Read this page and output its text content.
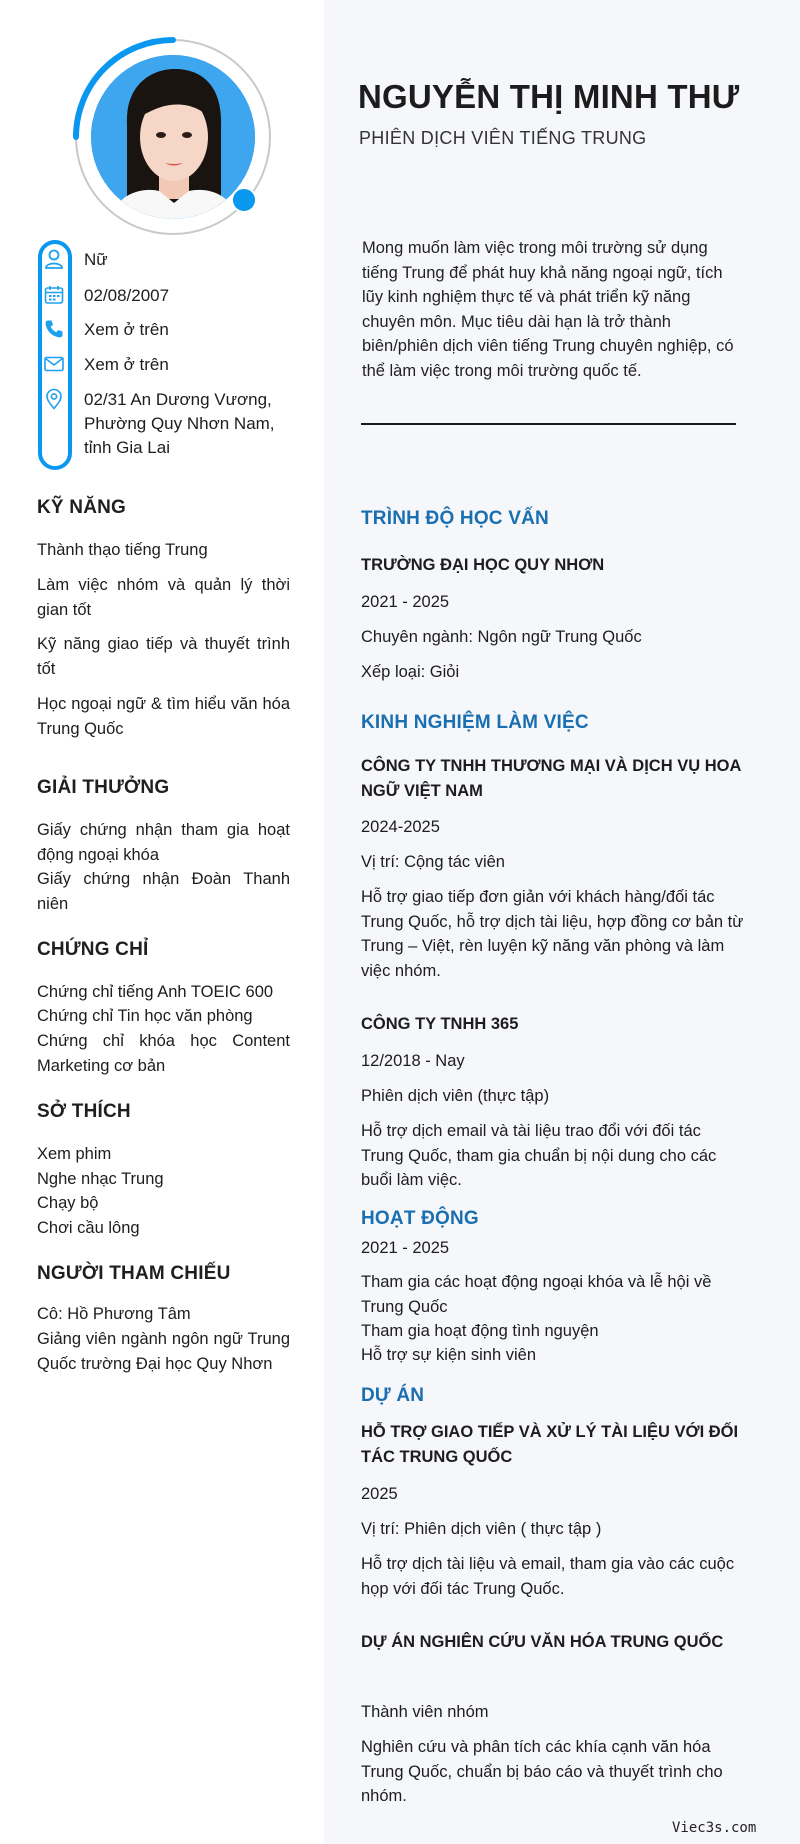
NGUYỄN THỊ MINH THƯ
PHIÊN DỊCH VIÊN TIẾNG TRUNG
Mong muốn làm việc trong môi trường sử dụng tiếng Trung để phát huy khả năng ngoại ngữ, tích lũy kinh nghiệm thực tế và phát triển kỹ năng chuyên môn. Mục tiêu dài hạn là trở thành biên/phiên dịch viên tiếng Trung chuyên nghiệp, có thể làm việc trong môi trường quốc tế.
Nữ
02/08/2007
Xem ở trên
Xem ở trên
02/31 An Dương Vương, Phường Quy Nhơn Nam, tỉnh Gia Lai
KỸ NĂNG
Thành thạo tiếng Trung
Làm việc nhóm và quản lý thời gian tốt
Kỹ năng giao tiếp và thuyết trình tốt
Học ngoại ngữ & tìm hiểu văn hóa Trung Quốc
GIẢI THƯỞNG
Giấy chứng nhận tham gia hoạt động ngoại khóa
Giấy chứng nhận Đoàn Thanh niên
CHỨNG CHỈ
Chứng chỉ tiếng Anh TOEIC 600
Chứng chỉ Tin học văn phòng
Chứng chỉ khóa học Content Marketing cơ bản
SỞ THÍCH
Xem phim
Nghe nhạc Trung
Chạy bộ
Chơi cầu lông
NGƯỜI THAM CHIẾU
Cô: Hồ Phương Tâm
Giảng viên ngành ngôn ngữ Trung Quốc trường Đại học Quy Nhơn
TRÌNH ĐỘ HỌC VẤN
TRƯỜNG ĐẠI HỌC QUY NHƠN
2021 - 2025
Chuyên ngành: Ngôn ngữ Trung Quốc
Xếp loại: Giỏi
KINH NGHIỆM LÀM VIỆC
CÔNG TY TNHH THƯƠNG MẠI VÀ DỊCH VỤ HOA NGỮ VIỆT NAM
2024-2025
Vị trí: Cộng tác viên
Hỗ trợ giao tiếp đơn giản với khách hàng/đối tác Trung Quốc, hỗ trợ dịch tài liệu, hợp đồng cơ bản từ Trung – Việt, rèn luyện kỹ năng văn phòng và làm việc nhóm.
CÔNG TY TNHH 365
12/2018 - Nay
Phiên dịch viên (thực tập)
Hỗ trợ dịch email và tài liệu trao đổi với đối tác Trung Quốc, tham gia chuẩn bị nội dung cho các buổi làm việc.
HOẠT ĐỘNG
2021 - 2025
Tham gia các hoạt động ngoại khóa và lễ hội về Trung Quốc
Tham gia hoạt động tình nguyện
Hỗ trợ sự kiện sinh viên
DỰ ÁN
HỖ TRỢ GIAO TIẾP VÀ XỬ LÝ TÀI LIỆU VỚI ĐỐI TÁC TRUNG QUỐC
2025
Vị trí: Phiên dịch viên ( thực tập )
Hỗ trợ dịch tài liệu và email, tham gia vào các cuộc họp với đối tác Trung Quốc.
DỰ ÁN NGHIÊN CỨU VĂN HÓA TRUNG QUỐC
Thành viên nhóm
Nghiên cứu và phân tích các khía cạnh văn hóa Trung Quốc, chuẩn bị báo cáo và thuyết trình cho nhóm.
Viec3s.com
